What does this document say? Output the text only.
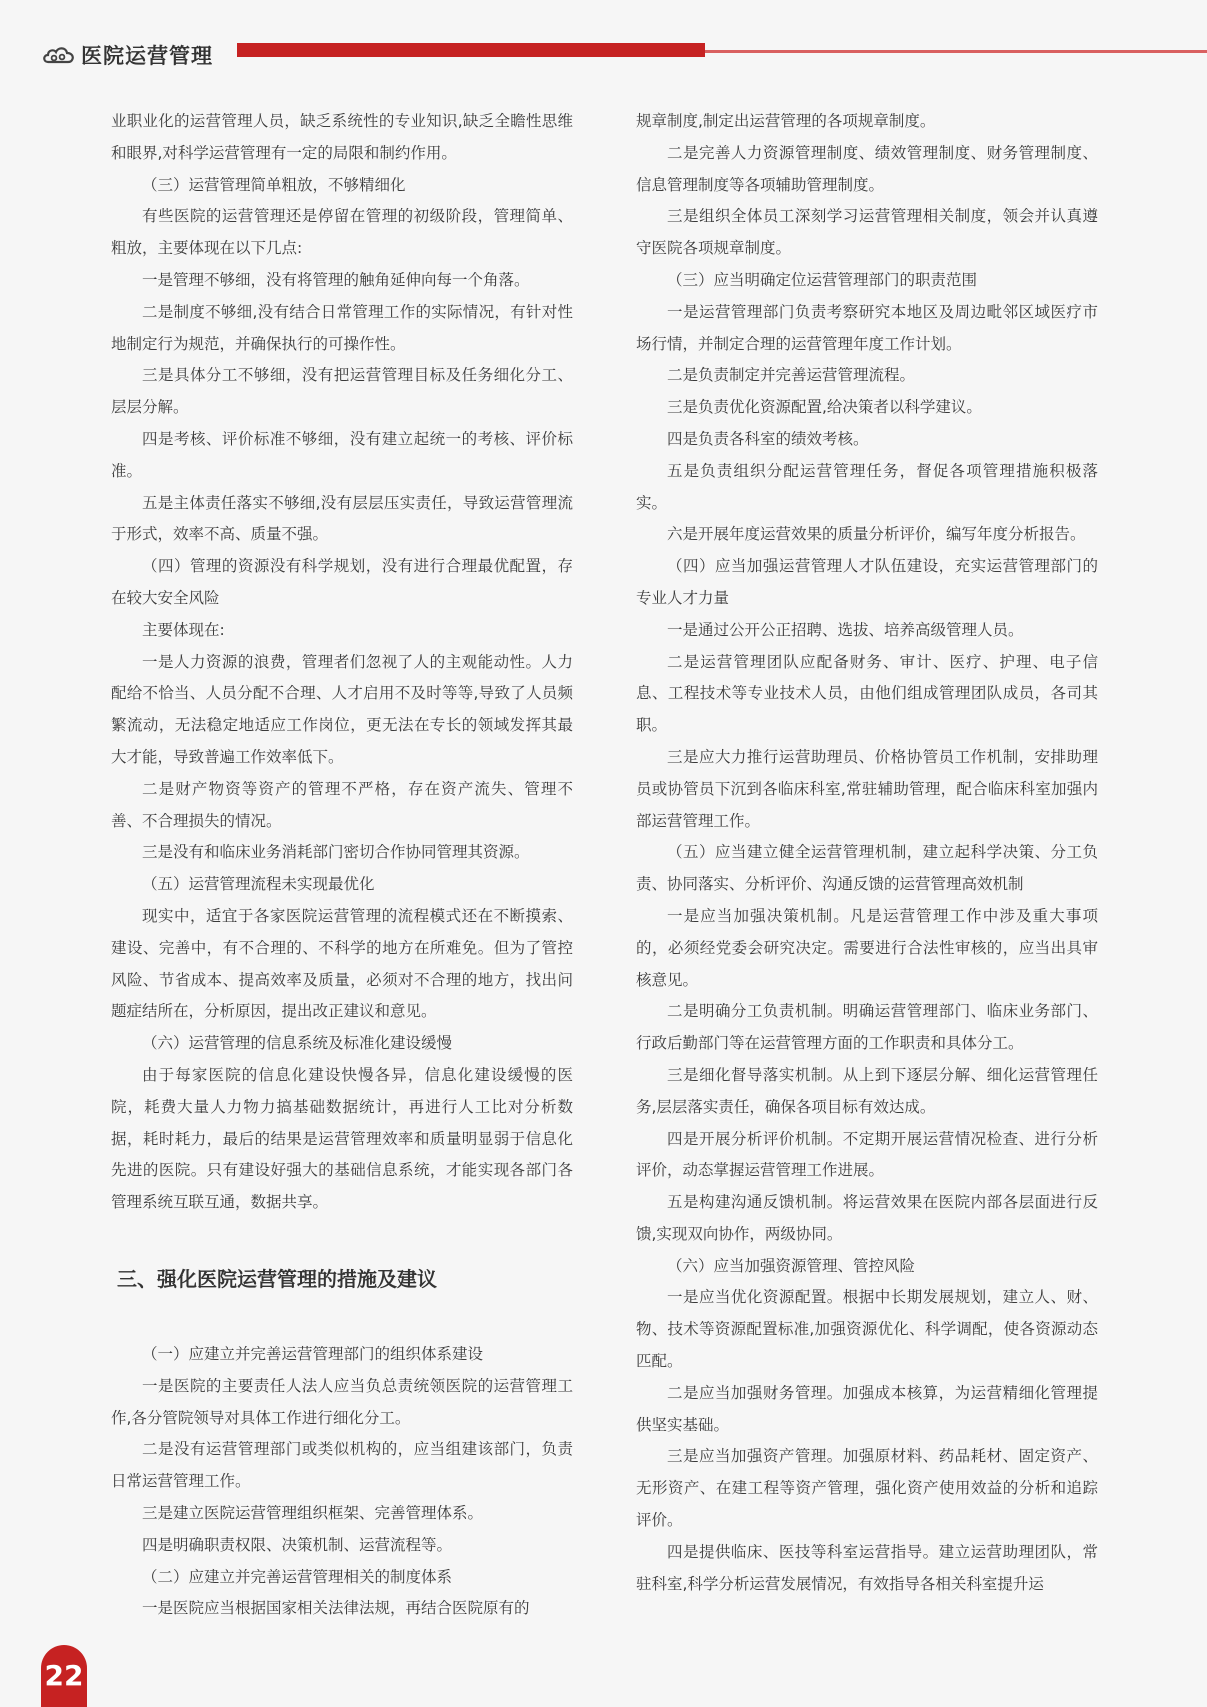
医院运营管理

业职业化的运营管理人员，缺乏系统性的专业知识,缺乏全瞻性思维和眼界,对科学运营管理有一定的局限和制约作用。

（三）运营管理简单粗放，不够精细化

有些医院的运营管理还是停留在管理的初级阶段，管理简单、粗放，主要体现在以下几点:

一是管理不够细，没有将管理的触角延伸向每一个角落。

二是制度不够细,没有结合日常管理工作的实际情况，有针对性地制定行为规范，并确保执行的可操作性。

三是具体分工不够细，没有把运营管理目标及任务细化分工、层层分解。

四是考核、评价标准不够细，没有建立起统一的考核、评价标准。

五是主体责任落实不够细,没有层层压实责任，导致运营管理流于形式，效率不高、质量不强。

（四）管理的资源没有科学规划，没有进行合理最优配置，存在较大安全风险

主要体现在:

一是人力资源的浪费，管理者们忽视了人的主观能动性。人力配给不恰当、人员分配不合理、人才启用不及时等等,导致了人员频繁流动，无法稳定地适应工作岗位，更无法在专长的领域发挥其最大才能，导致普遍工作效率低下。

二是财产物资等资产的管理不严格，存在资产流失、管理不善、不合理损失的情况。

三是没有和临床业务消耗部门密切合作协同管理其资源。

（五）运营管理流程未实现最优化

现实中，适宜于各家医院运营管理的流程模式还在不断摸索、建设、完善中，有不合理的、不科学的地方在所难免。但为了管控风险、节省成本、提高效率及质量，必须对不合理的地方，找出问题症结所在，分析原因，提出改正建议和意见。

（六）运营管理的信息系统及标准化建设缓慢

由于每家医院的信息化建设快慢各异，信息化建设缓慢的医院，耗费大量人力物力搞基础数据统计，再进行人工比对分析数据，耗时耗力，最后的结果是运营管理效率和质量明显弱于信息化先进的医院。只有建设好强大的基础信息系统，才能实现各部门各管理系统互联互通，数据共享。

三、强化医院运营管理的措施及建议

（一）应建立并完善运营管理部门的组织体系建设

一是医院的主要责任人法人应当负总责统领医院的运营管理工作,各分管院领导对具体工作进行细化分工。

二是没有运营管理部门或类似机构的，应当组建该部门，负责日常运营管理工作。

三是建立医院运营管理组织框架、完善管理体系。

四是明确职责权限、决策机制、运营流程等。

（二）应建立并完善运营管理相关的制度体系

一是医院应当根据国家相关法律法规，再结合医院原有的

规章制度,制定出运营管理的各项规章制度。

二是完善人力资源管理制度、绩效管理制度、财务管理制度、信息管理制度等各项辅助管理制度。

三是组织全体员工深刻学习运营管理相关制度，领会并认真遵守医院各项规章制度。

（三）应当明确定位运营管理部门的职责范围

一是运营管理部门负责考察研究本地区及周边毗邻区域医疗市场行情，并制定合理的运营管理年度工作计划。

二是负责制定并完善运营管理流程。

三是负责优化资源配置,给决策者以科学建议。

四是负责各科室的绩效考核。

五是负责组织分配运营管理任务，督促各项管理措施积极落实。

六是开展年度运营效果的质量分析评价，编写年度分析报告。

（四）应当加强运营管理人才队伍建设，充实运营管理部门的专业人才力量

一是通过公开公正招聘、选拔、培养高级管理人员。

二是运营管理团队应配备财务、审计、医疗、护理、电子信息、工程技术等专业技术人员，由他们组成管理团队成员，各司其职。

三是应大力推行运营助理员、价格协管员工作机制，安排助理员或协管员下沉到各临床科室,常驻辅助管理，配合临床科室加强内部运营管理工作。

（五）应当建立健全运营管理机制，建立起科学决策、分工负责、协同落实、分析评价、沟通反馈的运营管理高效机制

一是应当加强决策机制。凡是运营管理工作中涉及重大事项的，必须经党委会研究决定。需要进行合法性审核的，应当出具审核意见。

二是明确分工负责机制。明确运营管理部门、临床业务部门、行政后勤部门等在运营管理方面的工作职责和具体分工。

三是细化督导落实机制。从上到下逐层分解、细化运营管理任务,层层落实责任，确保各项目标有效达成。

四是开展分析评价机制。不定期开展运营情况检查、进行分析评价，动态掌握运营管理工作进展。

五是构建沟通反馈机制。将运营效果在医院内部各层面进行反馈,实现双向协作，两级协同。

（六）应当加强资源管理、管控风险

一是应当优化资源配置。根据中长期发展规划，建立人、财、物、技术等资源配置标准,加强资源优化、科学调配，使各资源动态匹配。

二是应当加强财务管理。加强成本核算，为运营精细化管理提供坚实基础。

三是应当加强资产管理。加强原材料、药品耗材、固定资产、无形资产、在建工程等资产管理，强化资产使用效益的分析和追踪评价。

四是提供临床、医技等科室运营指导。建立运营助理团队，常驻科室,科学分析运营发展情况，有效指导各相关科室提升运

22
